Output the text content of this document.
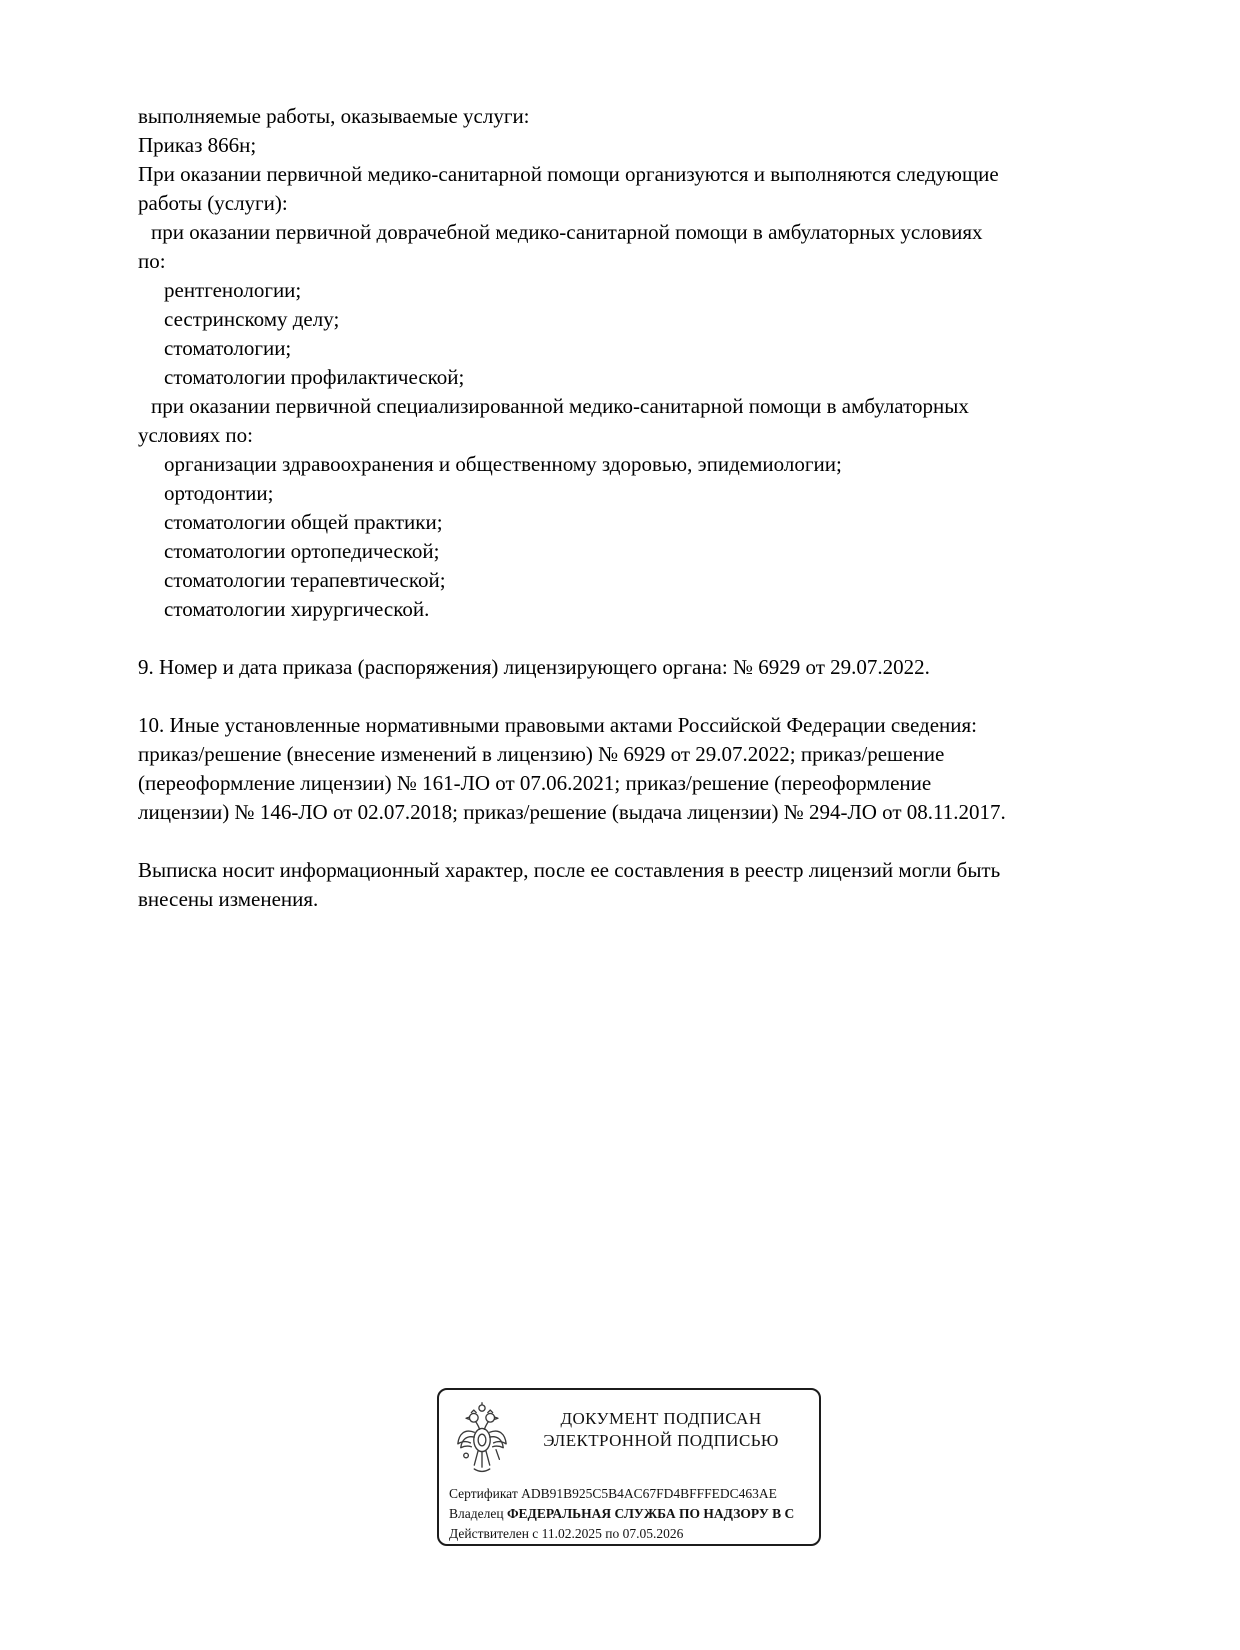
выполняемые работы, оказываемые услуги:
Приказ 866н;
При оказании первичной медико-санитарной помощи организуются и выполняются следующие
работы (услуги):
при оказании первичной доврачебной медико-санитарной помощи в амбулаторных условиях
по:
рентгенологии;
сестринскому делу;
стоматологии;
стоматологии профилактической;
при оказании первичной специализированной медико-санитарной помощи в амбулаторных
условиях по:
организации здравоохранения и общественному здоровью, эпидемиологии;
ортодонтии;
стоматологии общей практики;
стоматологии ортопедической;
стоматологии терапевтической;
стоматологии хирургической.

9. Номер и дата приказа (распоряжения) лицензирующего органа: № 6929 от 29.07.2022.

10. Иные установленные нормативными правовыми актами Российской Федерации сведения:
приказ/решение (внесение изменений в лицензию) № 6929 от 29.07.2022; приказ/решение
(переоформление лицензии) № 161-ЛО от 07.06.2021; приказ/решение (переоформление
лицензии) № 146-ЛО от 02.07.2018; приказ/решение (выдача лицензии) № 294-ЛО от 08.11.2017.

Выписка носит информационный характер, после ее составления в реестр лицензий могли быть
внесены изменения.
ДОКУМЕНТ ПОДПИСАН
ЭЛЕКТРОННОЙ ПОДПИСЬЮ
Сертификат ADB91B925C5B4AC67FD4BFFFEDC463AE
Владелец ФЕДЕРАЛЬНАЯ СЛУЖБА ПО НАДЗОРУ В С
Действителен с 11.02.2025 по 07.05.2026
